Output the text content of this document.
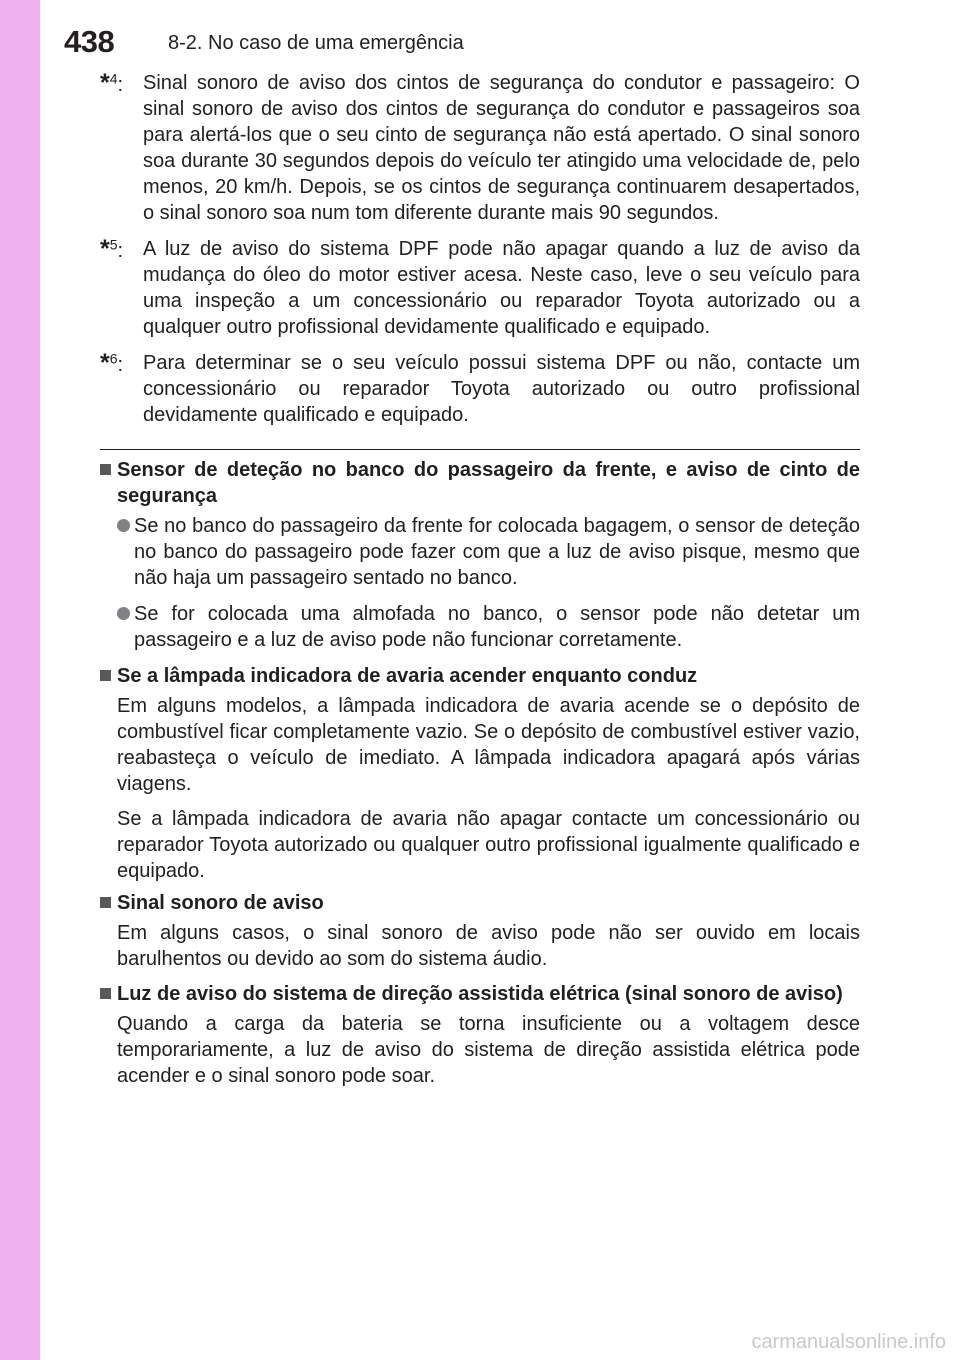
438	8-2. No caso de uma emergência
*$^4$: Sinal sonoro de aviso dos cintos de segurança do condutor e passageiro: O sinal sonoro de aviso dos cintos de segurança do condutor e passageiros soa para alertá-los que o seu cinto de segurança não está apertado. O sinal sonoro soa durante 30 segundos depois do veículo ter atingido uma velocidade de, pelo menos, 20 km/h. Depois, se os cintos de segurança continuarem desapertados, o sinal sonoro soa num tom diferente durante mais 90 segundos.
*$^5$: A luz de aviso do sistema DPF pode não apagar quando a luz de aviso da mudança do óleo do motor estiver acesa. Neste caso, leve o seu veículo para uma inspeção a um concessionário ou reparador Toyota autorizado ou a qualquer outro profissional devidamente qualificado e equipado.
*$^6$: Para determinar se o seu veículo possui sistema DPF ou não, contacte um concessionário ou reparador Toyota autorizado ou outro profissional devidamente qualificado e equipado.
Sensor de deteção no banco do passageiro da frente, e aviso de cinto de segurança
Se no banco do passageiro da frente for colocada bagagem, o sensor de deteção no banco do passageiro pode fazer com que a luz de aviso pisque, mesmo que não haja um passageiro sentado no banco.
Se for colocada uma almofada no banco, o sensor pode não detetar um passageiro e a luz de aviso pode não funcionar corretamente.
Se a lâmpada indicadora de avaria acender enquanto conduz
Em alguns modelos, a lâmpada indicadora de avaria acende se o depósito de combustível ficar completamente vazio. Se o depósito de combustível estiver vazio, reabasteça o veículo de imediato. A lâmpada indicadora apagará após várias viagens.
Se a lâmpada indicadora de avaria não apagar contacte um concessionário ou reparador Toyota autorizado ou qualquer outro profissional igualmente qualificado e equipado.
Sinal sonoro de aviso
Em alguns casos, o sinal sonoro de aviso pode não ser ouvido em locais barulhentos ou devido ao som do sistema áudio.
Luz de aviso do sistema de direção assistida elétrica (sinal sonoro de aviso)
Quando a carga da bateria se torna insuficiente ou a voltagem desce temporariamente, a luz de aviso do sistema de direção assistida elétrica pode acender e o sinal sonoro pode soar.
carmanualsonline.info
